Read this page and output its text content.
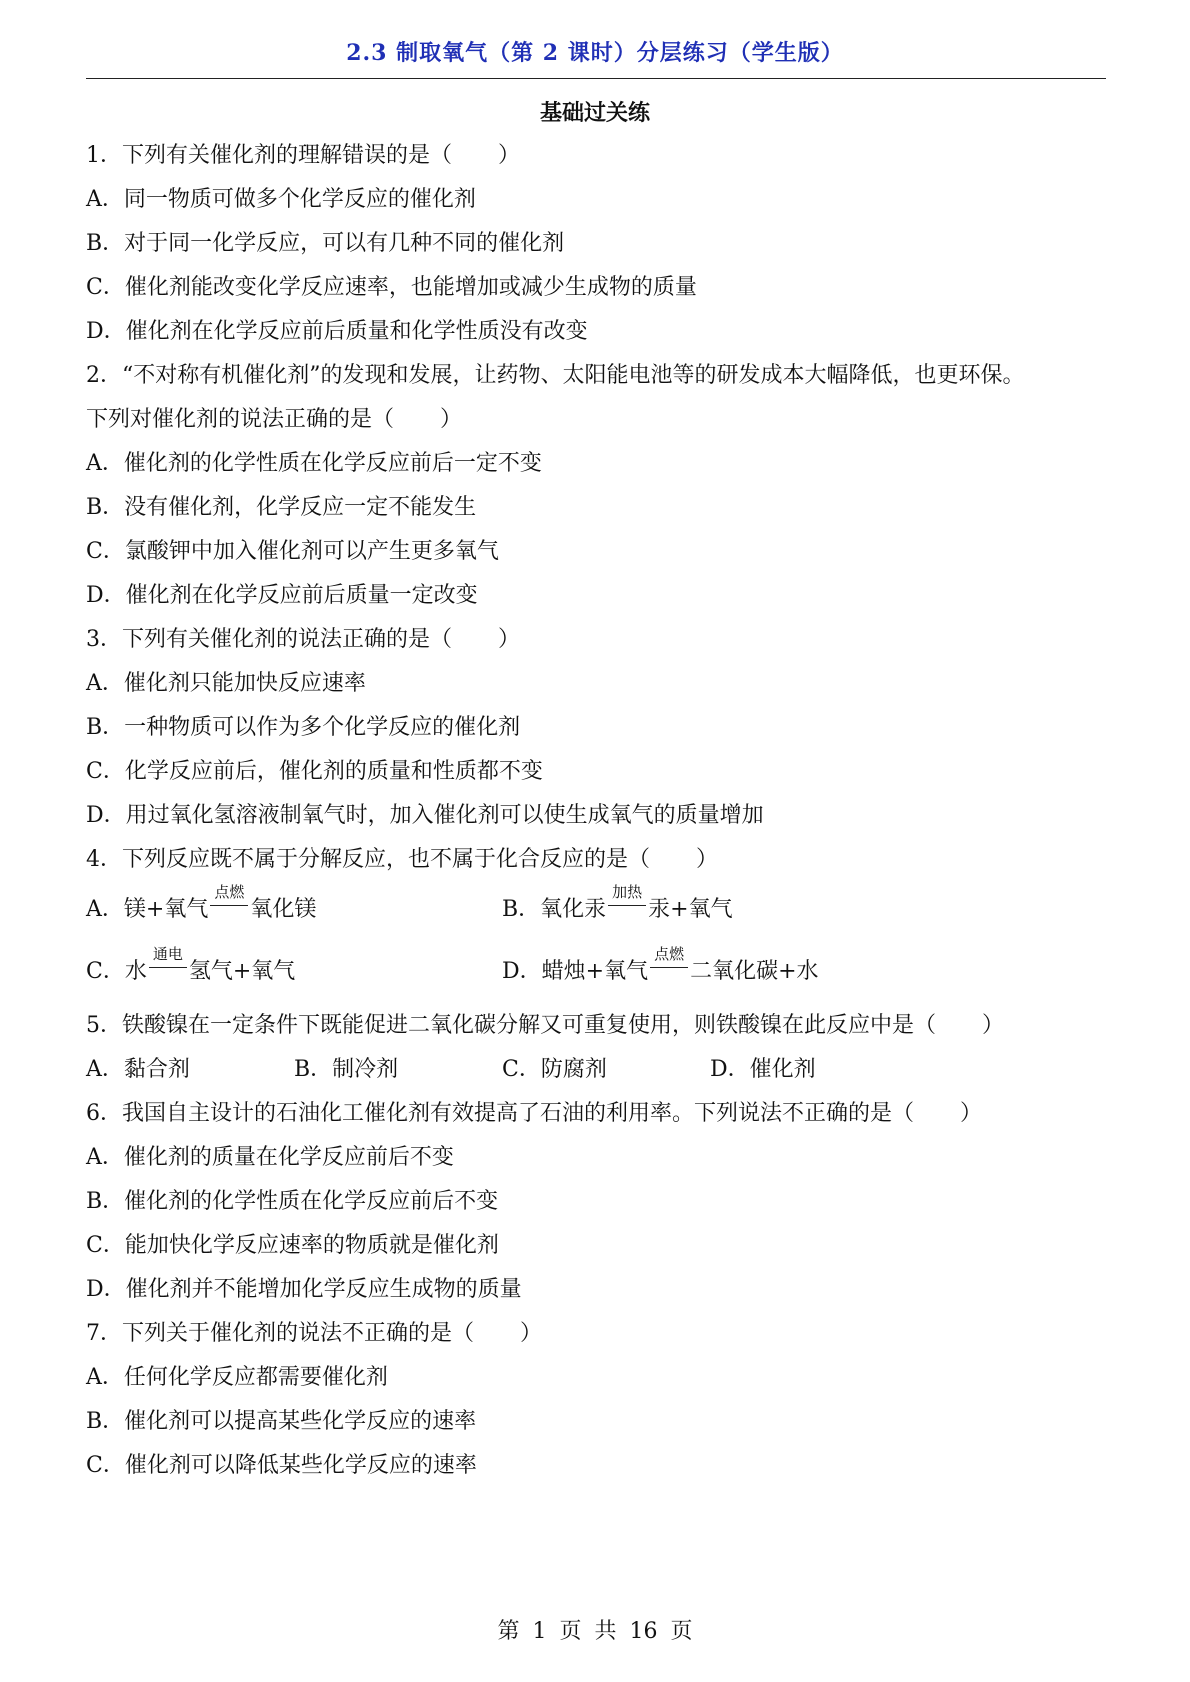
2.3 制取氧气（第 2 课时）分层练习（学生版）
基础过关练
1．下列有关催化剂的理解错误的是（ ）
A．同一物质可做多个化学反应的催化剂
B．对于同一化学反应，可以有几种不同的催化剂
C．催化剂能改变化学反应速率，也能增加或减少生成物的质量
D．催化剂在化学反应前后质量和化学性质没有改变
2．“不对称有机催化剂”的发现和发展，让药物、太阳能电池等的研发成本大幅降低，也更环保。
下列对催化剂的说法正确的是（ ）
A．催化剂的化学性质在化学反应前后一定不变
B．没有催化剂，化学反应一定不能发生
C．氯酸钾中加入催化剂可以产生更多氧气
D．催化剂在化学反应前后质量一定改变
3．下列有关催化剂的说法正确的是（ ）
A．催化剂只能加快反应速率
B．一种物质可以作为多个化学反应的催化剂
C．化学反应前后，催化剂的质量和性质都不变
D．用过氧化氢溶液制氧气时，加入催化剂可以使生成氧气的质量增加
4．下列反应既不属于分解反应，也不属于化合反应的是（ ）
A．镁+氧气
点燃
氧化镁	B．氧化汞
加热
汞+氧气
C．水
通电
氢气+氧气	D．蜡烛+氧气
点燃
二氧化碳+水
5．铁酸镍在一定条件下既能促进二氧化碳分解又可重复使用，则铁酸镍在此反应中是（ ）
A．黏合剂	B．制冷剂	C．防腐剂	D．催化剂
6．我国自主设计的石油化工催化剂有效提高了石油的利用率。下列说法不正确的是（ ）
A．催化剂的质量在化学反应前后不变
B．催化剂的化学性质在化学反应前后不变
C．能加快化学反应速率的物质就是催化剂
D．催化剂并不能增加化学反应生成物的质量
7．下列关于催化剂的说法不正确的是（ ）
A．任何化学反应都需要催化剂
B．催化剂可以提高某些化学反应的速率
C．催化剂可以降低某些化学反应的速率
第 1 页 共 16 页
